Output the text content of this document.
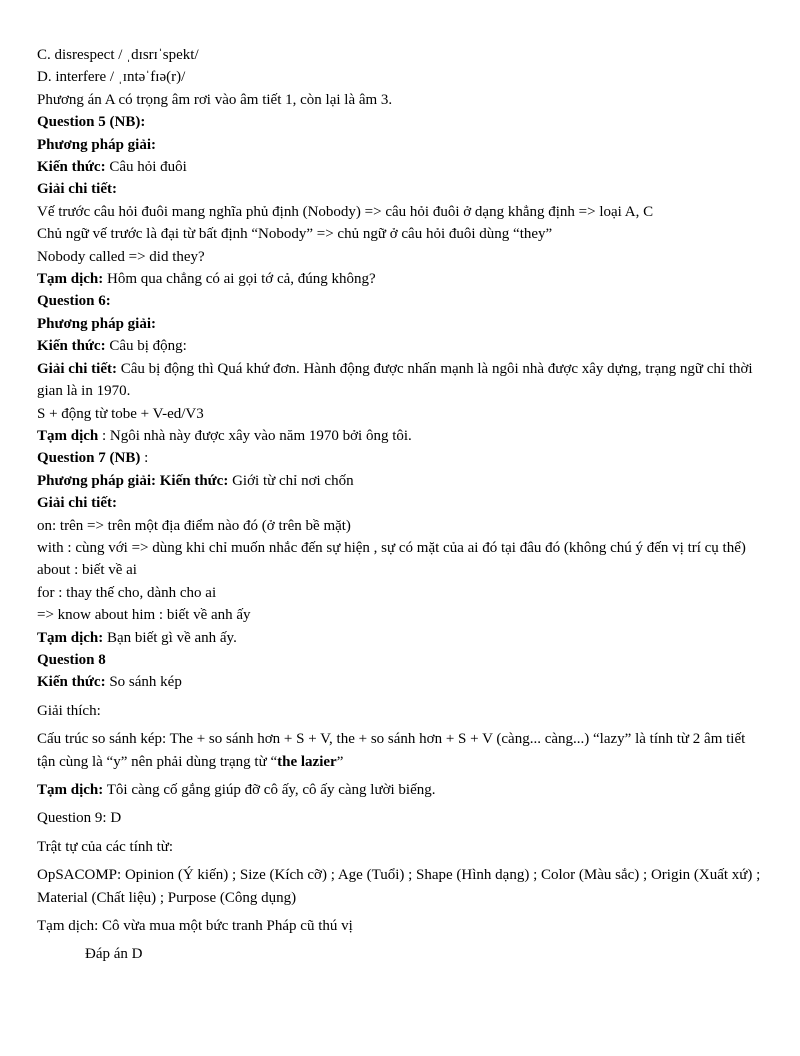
C. disrespect / ˌdɪsrɪˈspekt/

D. interfere / ˌɪntəˈfɪə(r)/

Phương án A có trọng âm rơi vào âm tiết 1, còn lại là âm 3.

Question 5 (NB):

Phương pháp giải:

Kiến thức: Câu hỏi đuôi

Giải chi tiết:

Vế trước câu hỏi đuôi mang nghĩa phủ định (Nobody) => câu hỏi đuôi ở dạng khẳng định => loại A, C

Chủ ngữ vế trước là đại từ bất định “Nobody” => chủ ngữ ở câu hỏi đuôi dùng “they”

Nobody called => did they?

Tạm dịch: Hôm qua chẳng có ai gọi tớ cả, đúng không?

Question 6:

Phương pháp giải:

Kiến thức: Câu bị động:

Giải chi tiết: Câu bị động thì Quá khứ đơn. Hành động được nhấn mạnh là ngôi nhà được xây dựng, trạng ngữ chỉ thời gian là in 1970.

S + động từ tobe + V-ed/V3

Tạm dịch : Ngôi nhà này được xây vào năm 1970 bởi ông tôi.

Question 7 (NB) :

Phương pháp giải: Kiến thức: Giới từ chỉ nơi chốn

Giải chi tiết:

on: trên => trên một địa điểm nào đó (ở trên bề mặt)

with : cùng với => dùng khi chỉ muốn nhắc đến sự hiện , sự có mặt của ai đó tại đâu đó (không chú ý đến vị trí cụ thể)

about : biết về ai

for : thay thế cho, dành cho ai

=> know about him : biết về anh ấy

Tạm dịch: Bạn biết gì về anh ấy.

Question 8

Kiến thức: So sánh kép

Giải thích:

Cấu trúc so sánh kép: The + so sánh hơn + S + V, the + so sánh hơn + S + V (càng... càng...) “lazy” là tính từ 2 âm tiết tận cùng là “y” nên phải dùng trạng từ “the lazier”

Tạm dịch: Tôi càng cố gắng giúp đỡ cô ấy, cô ấy càng lười biếng.

Question 9: D

Trật tự của các tính từ:

OpSACOMP: Opinion (Ý kiến) ; Size (Kích cỡ) ; Age (Tuổi) ; Shape (Hình dạng) ; Color (Màu sắc) ; Origin (Xuất xứ) ; Material (Chất liệu) ; Purpose (Công dụng)

Tạm dịch: Cô vừa mua một bức tranh Pháp cũ thú vị

Đáp án D
